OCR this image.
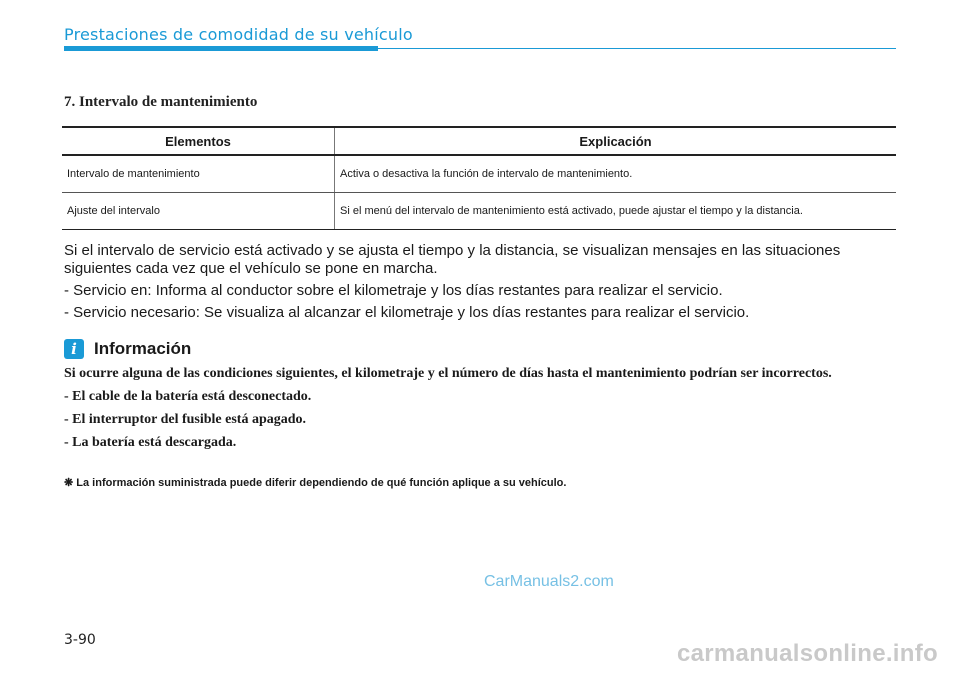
Prestaciones de comodidad de su vehículo
7. Intervalo de mantenimiento
Elementos	Explicación
Intervalo de mantenimiento	Activa o desactiva la función de intervalo de mantenimiento.
Ajuste del intervalo	Si el menú del intervalo de mantenimiento está activado, puede ajustar el tiempo y la distancia.

Si el intervalo de servicio está activado y se ajusta el tiempo y la distancia, se visualizan mensajes en las situaciones siguientes cada vez que el vehículo se pone en marcha.

- Servicio en: Informa al conductor sobre el kilometraje y los días restantes para realizar el servicio.

- Servicio necesario: Se visualiza al alcanzar el kilometraje y los días restantes para realizar el servicio.

i	Información

Si ocurre alguna de las condiciones siguientes, el kilometraje y el número de días hasta el mantenimiento podrían ser incorrectos.

- El cable de la batería está desconectado.

- El interruptor del fusible está apagado.

- La batería está descargada.

❋ La información suministrada puede diferir dependiendo de qué función aplique a su vehículo.
CarManuals2.com
3-90	carmanualsonline.info
